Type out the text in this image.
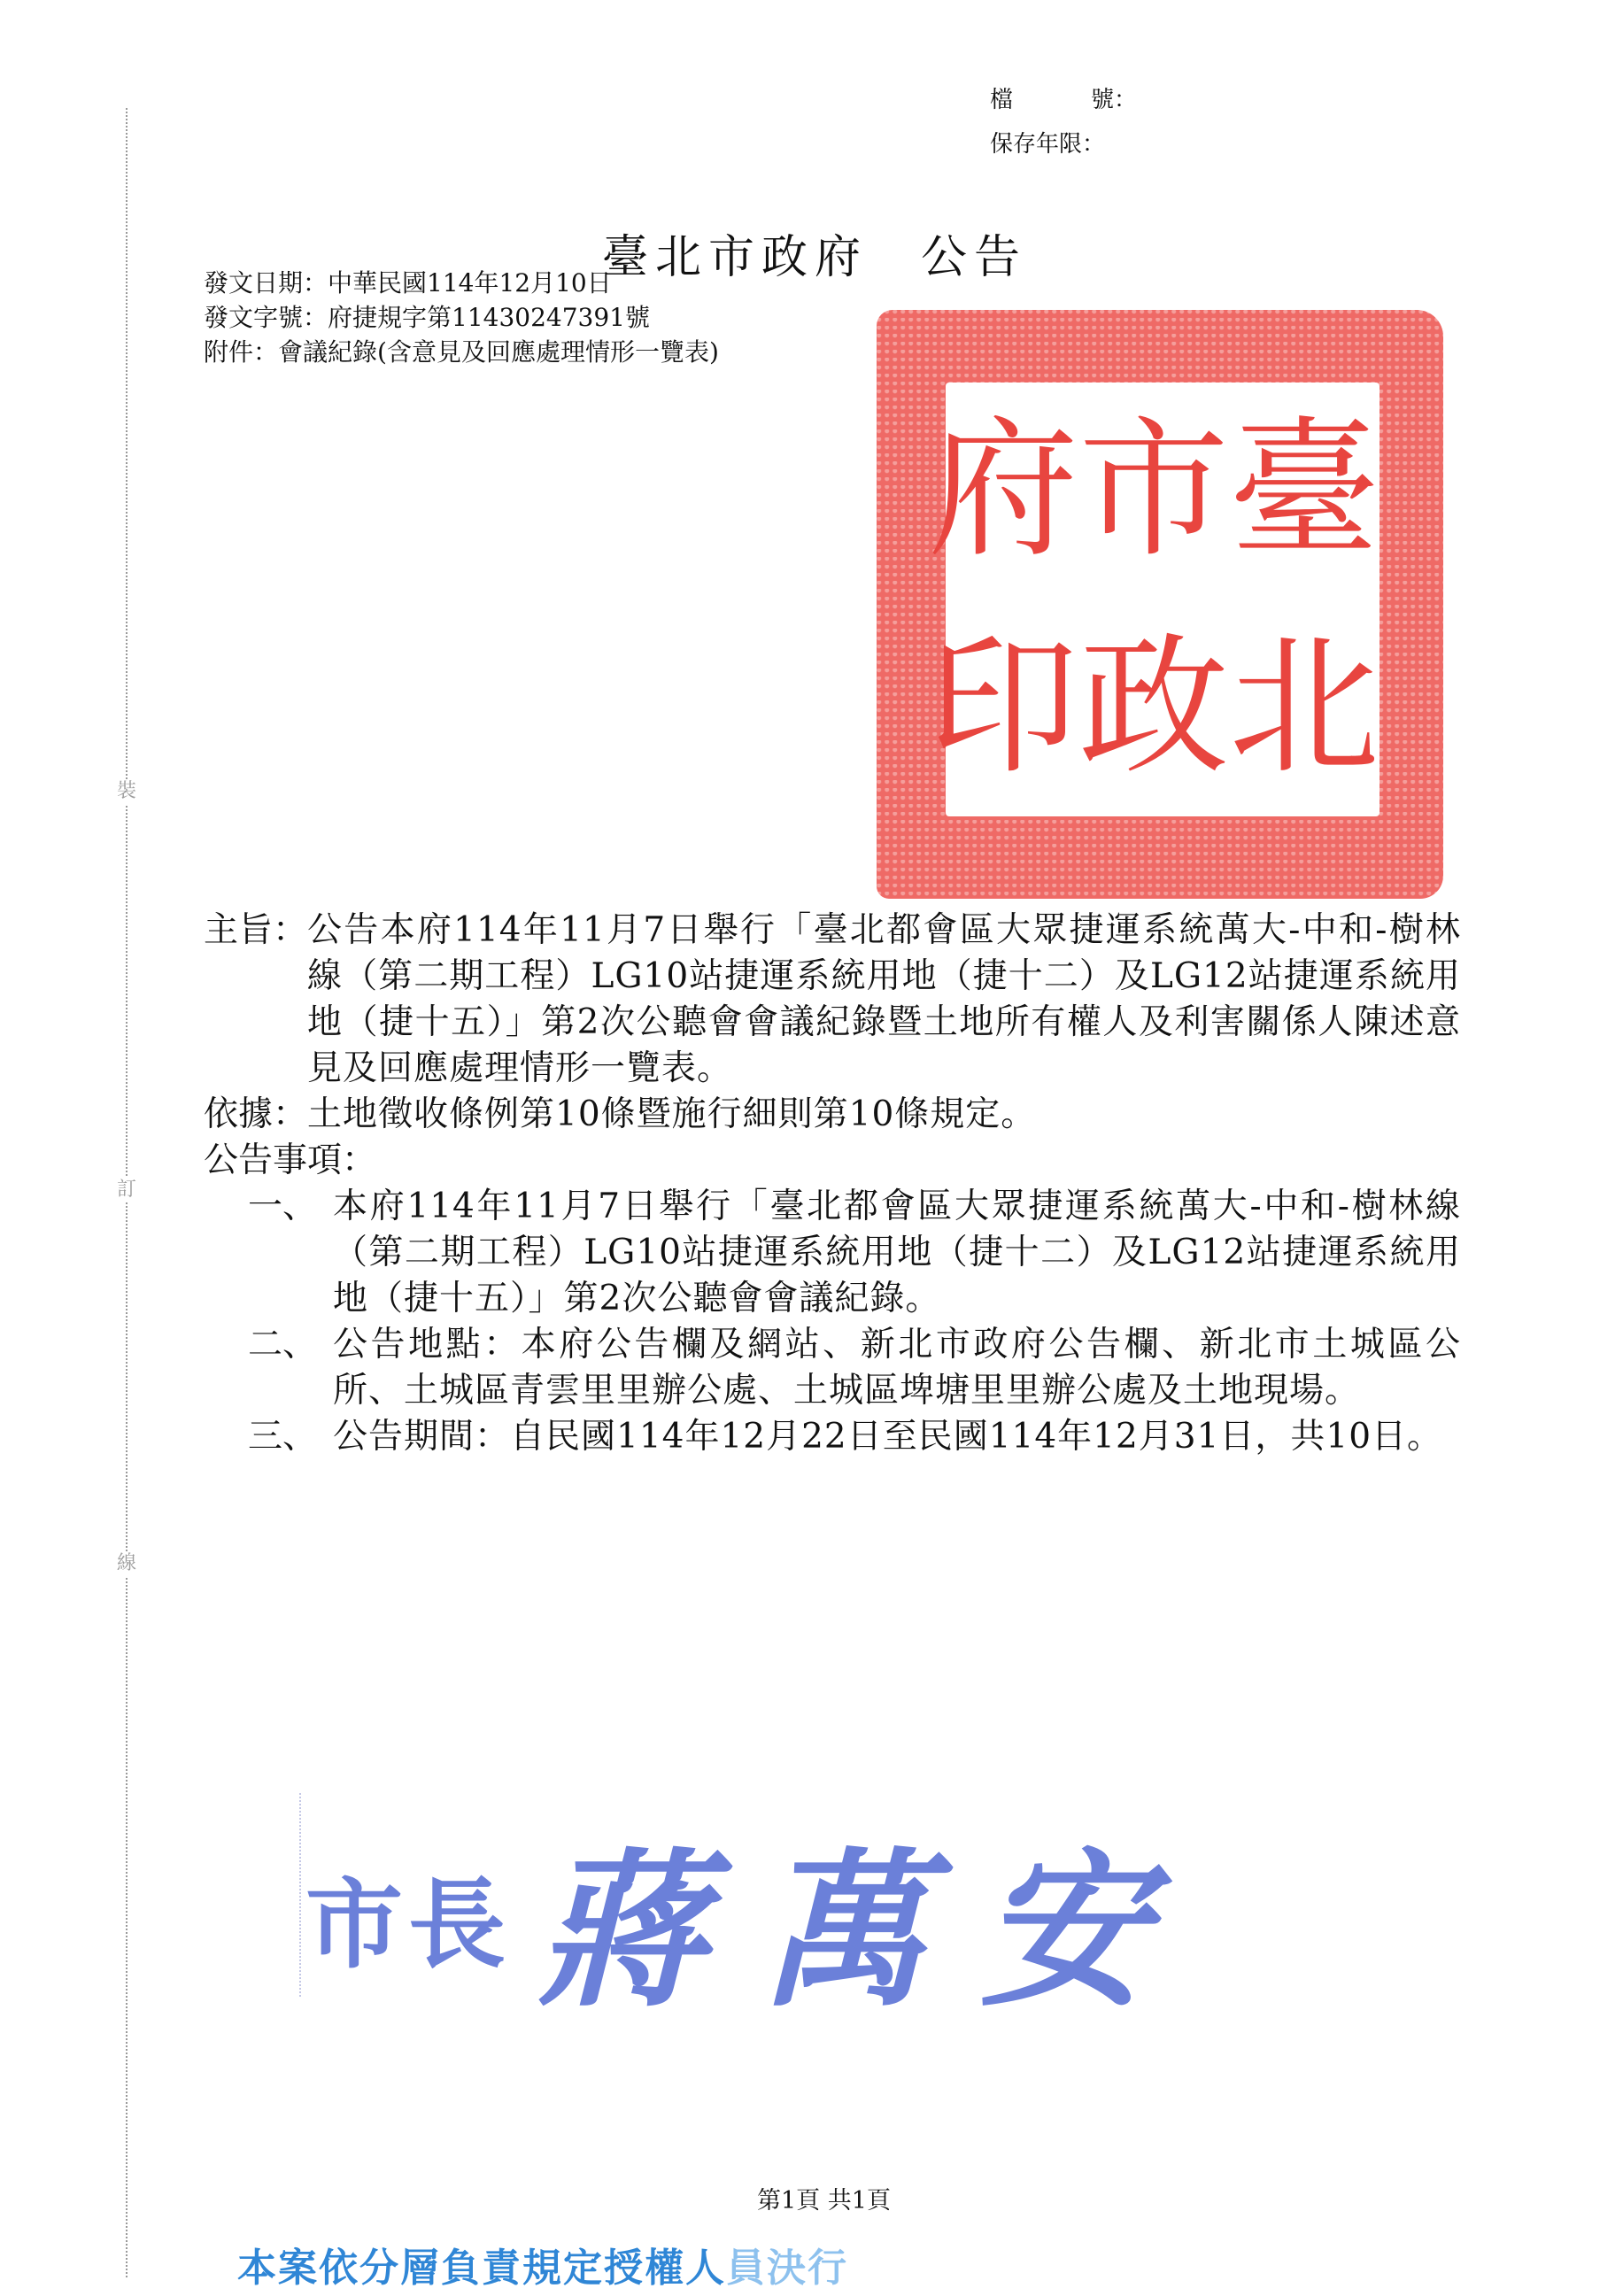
裝
訂
線
檔	號 ：
保存年限：
臺北市政府 公告
發文日期：中華民國114年12月10日
發文字號：府捷規字第11430247391號
附件：會議紀錄(含意見及回應處理情形一覽表)
臺
市
府
北
政
印
主旨： 公告本府114年11月7日舉行「臺北都會區大眾捷運系統萬大-中和-樹林線（第二期工程）LG10站捷運系統用地（捷十二）及LG12站捷運系統用地（捷十五）」第2次公聽會會議紀錄暨土地所有權人及利害關係人陳述意見及回應處理情形一覽表。
依據： 土地徵收條例第10條暨施行細則第10條規定。
公告事項：
一、 本府114年11月7日舉行「臺北都會區大眾捷運系統萬大-中和-樹林線（第二期工程）LG10站捷運系統用地（捷十二）及LG12站捷運系統用地（捷十五）」第2次公聽會會議紀錄。
二、 公告地點：本府公告欄及網站、新北市政府公告欄、新北市土城區公所、土城區青雲里里辦公處、土城區埤塘里里辦公處及土地現場。
三、 公告期間：自民國114年12月22日至民國114年12月31日，共10日。
市長 蔣萬安
第1頁 共1頁
本案依分層負責規定授權人員決行
